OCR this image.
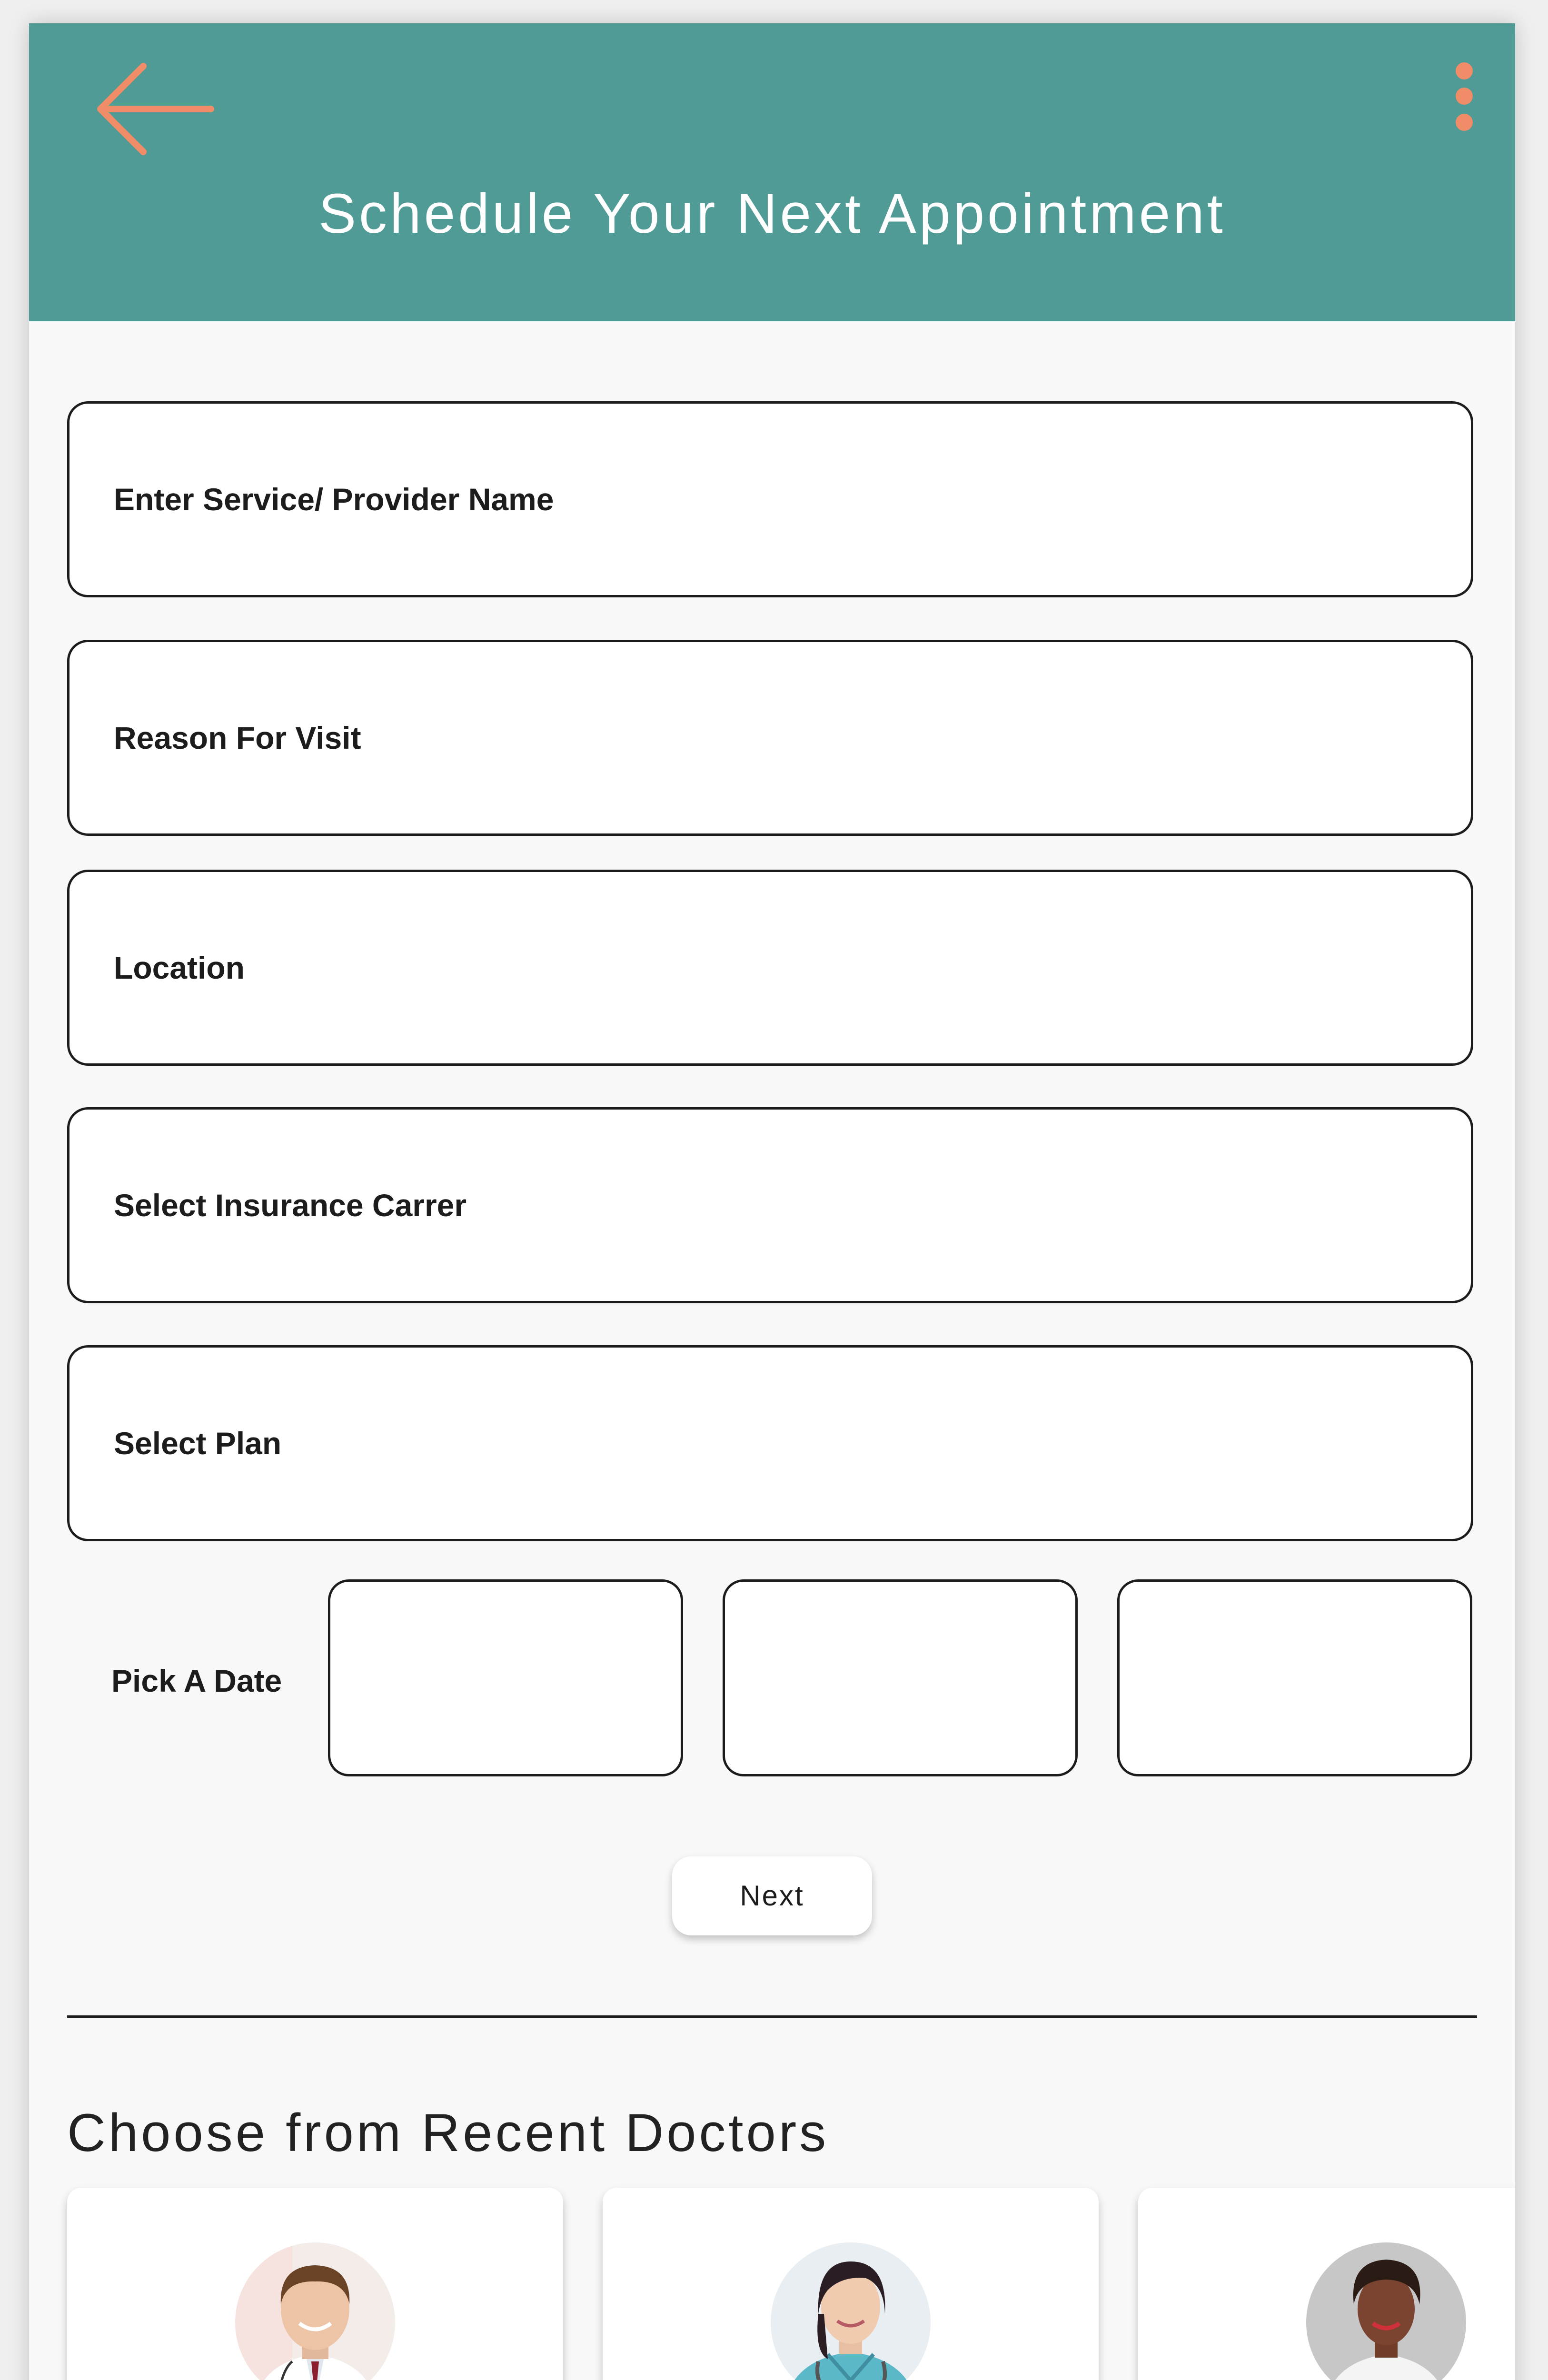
Schedule Your Next Appointment
Enter Service/ Provider Name
Reason For Visit
Location
Select Insurance Carrer
Select Plan
Pick A Date
Next
Choose from Recent Doctors
